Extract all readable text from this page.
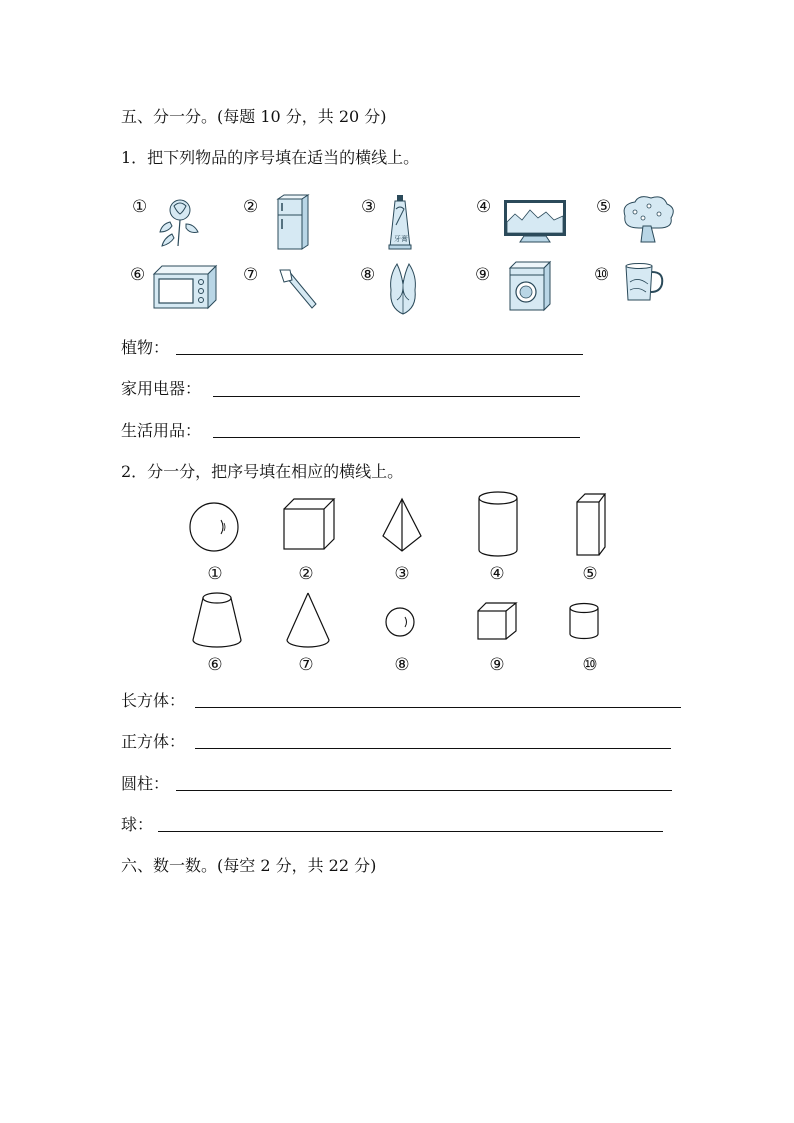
五、分一分。(每题 10 分，共 20 分)
1．把下列物品的序号填在适当的横线上。
①	②	③
牙膏
④	⑤
⑥	⑦	⑧	⑨	⑩
植物：
家用电器：
生活用品：
2．分一分，把序号填在相应的横线上。
①	②	③	④	⑤
⑥	⑦	⑧	⑨	⑩
长方体：
正方体：
圆柱：
球：
六、数一数。(每空 2 分，共 22 分)
